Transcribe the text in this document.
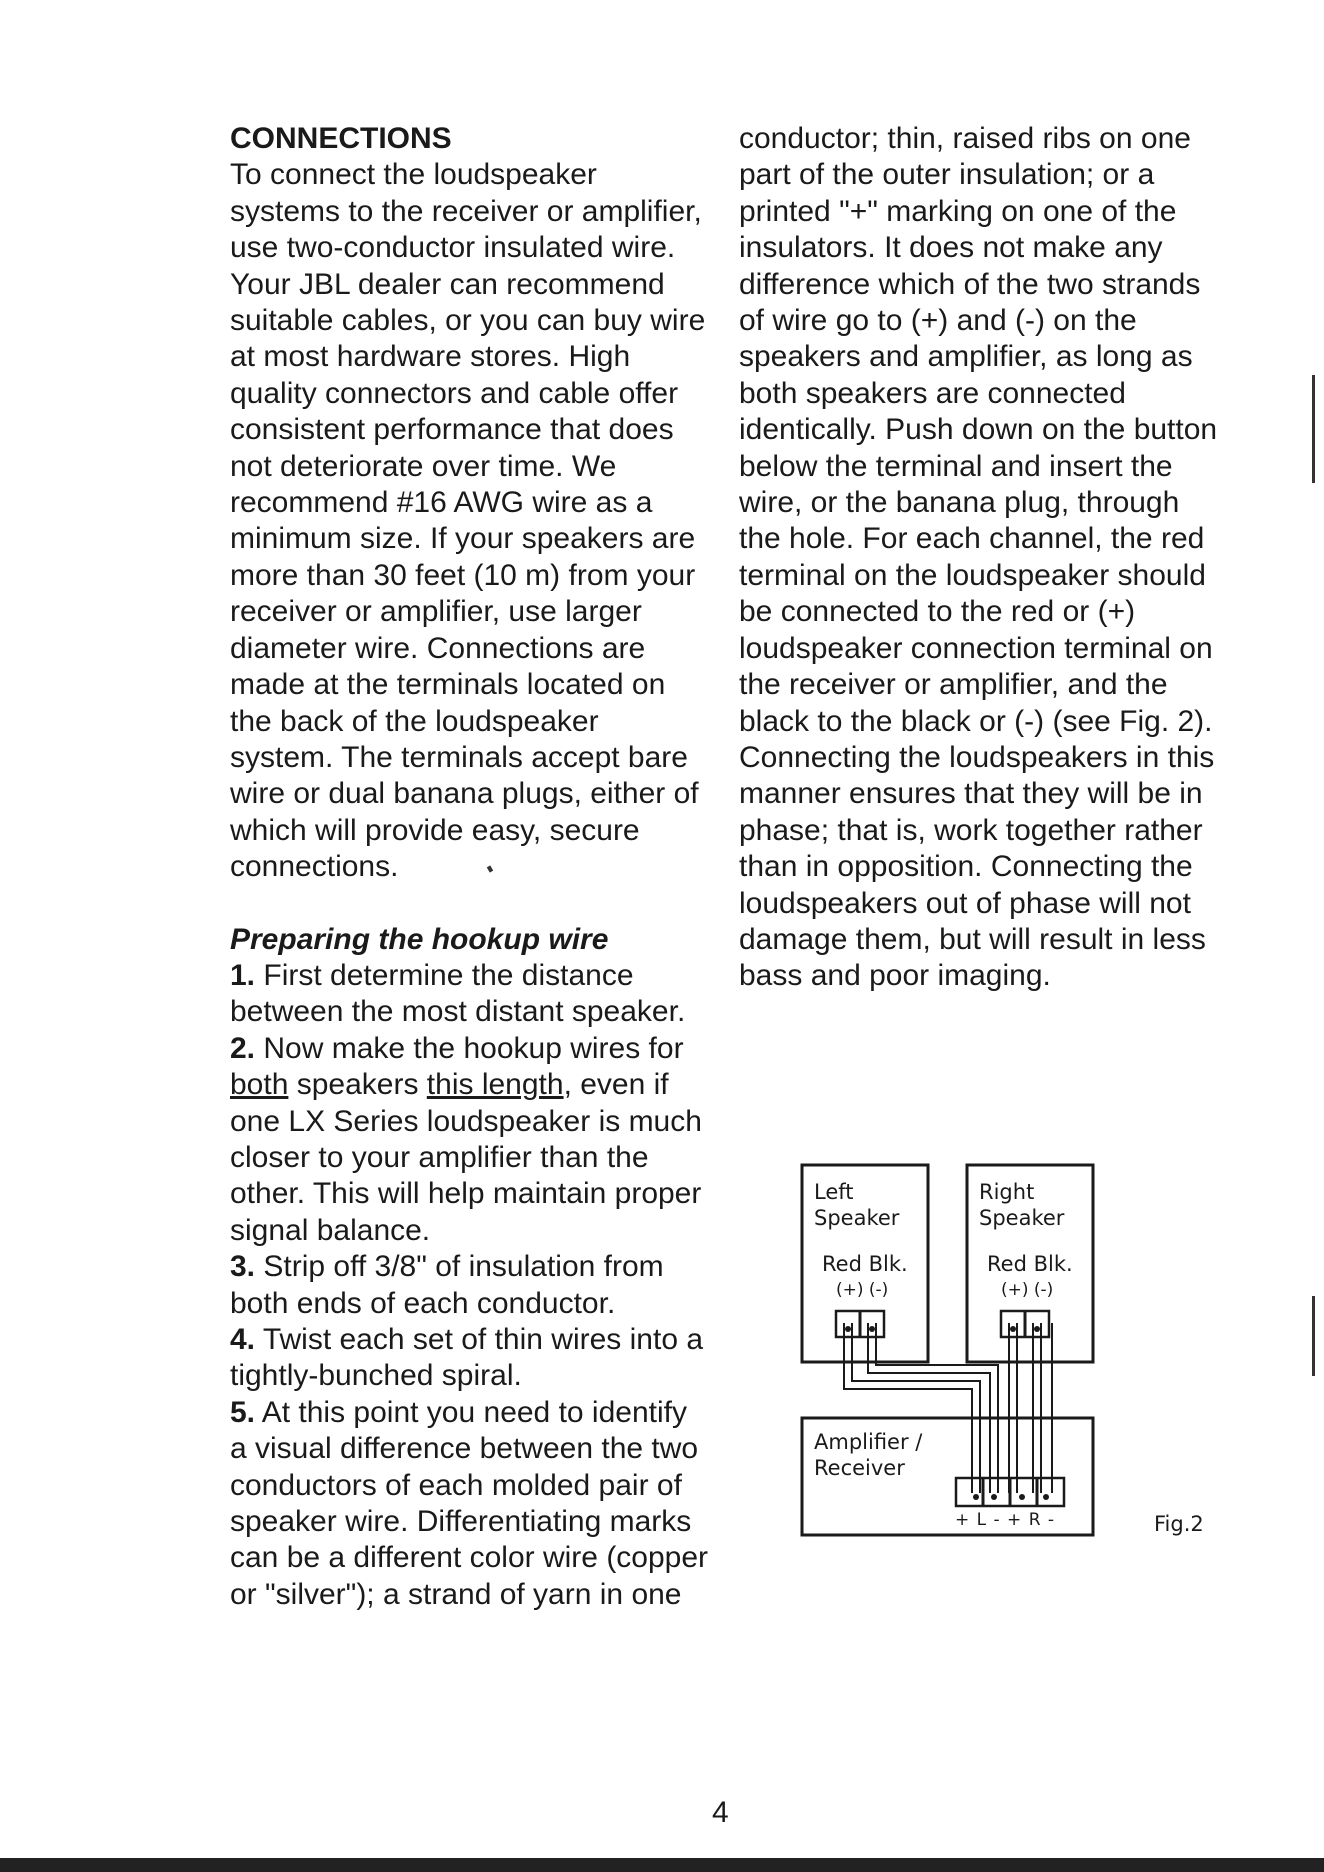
CONNECTIONS

To connect the loudspeaker systems to the receiver or amplifier, use two-conductor insulated wire. Your JBL dealer can recommend suitable cables, or you can buy wire at most hardware stores. High quality connectors and cable offer consistent performance that does not deteriorate over time. We recommend #16 AWG wire as a minimum size. If your speakers are more than 30 feet (10 m) from your receiver or amplifier, use larger diameter wire. Connections are made at the terminals located on the back of the loudspeaker system. The terminals accept bare wire or dual banana plugs, either of which will provide easy, secure connections.

Preparing the hookup wire

1. First determine the distance between the most distant speaker.

2. Now make the hookup wires for both speakers this length, even if one LX Series loudspeaker is much closer to your amplifier than the other. This will help maintain proper signal balance.

3. Strip off 3/8" of insulation from both ends of each conductor.

4. Twist each set of thin wires into a tightly-bunched spiral.

5. At this point you need to identify a visual difference between the two conductors of each molded pair of speaker wire. Differentiating marks can be a different color wire (copper or "silver"); a strand of yarn in one

conductor; thin, raised ribs on one part of the outer insulation; or a printed "+" marking on one of the insulators. It does not make any difference which of the two strands of wire go to (+) and (-) on the speakers and amplifier, as long as both speakers are connected identically. Push down on the button below the terminal and insert the wire, or the banana plug, through the hole. For each channel, the red terminal on the loudspeaker should be connected to the red or (+) loudspeaker connection terminal on the receiver or amplifier, and the black to the black or (-) (see Fig. 2). Connecting the loudspeakers in this manner ensures that they will be in phase; that is, work together rather than in opposition. Connecting the loudspeakers out of phase will not damage them, but will result in less bass and poor imaging.

Left
Speaker
Red Blk.
(+) (-)
Right
Speaker
Red Blk.
(+) (-)
Amplifier /
Receiver
+ L - + R -	Fig.2
4
